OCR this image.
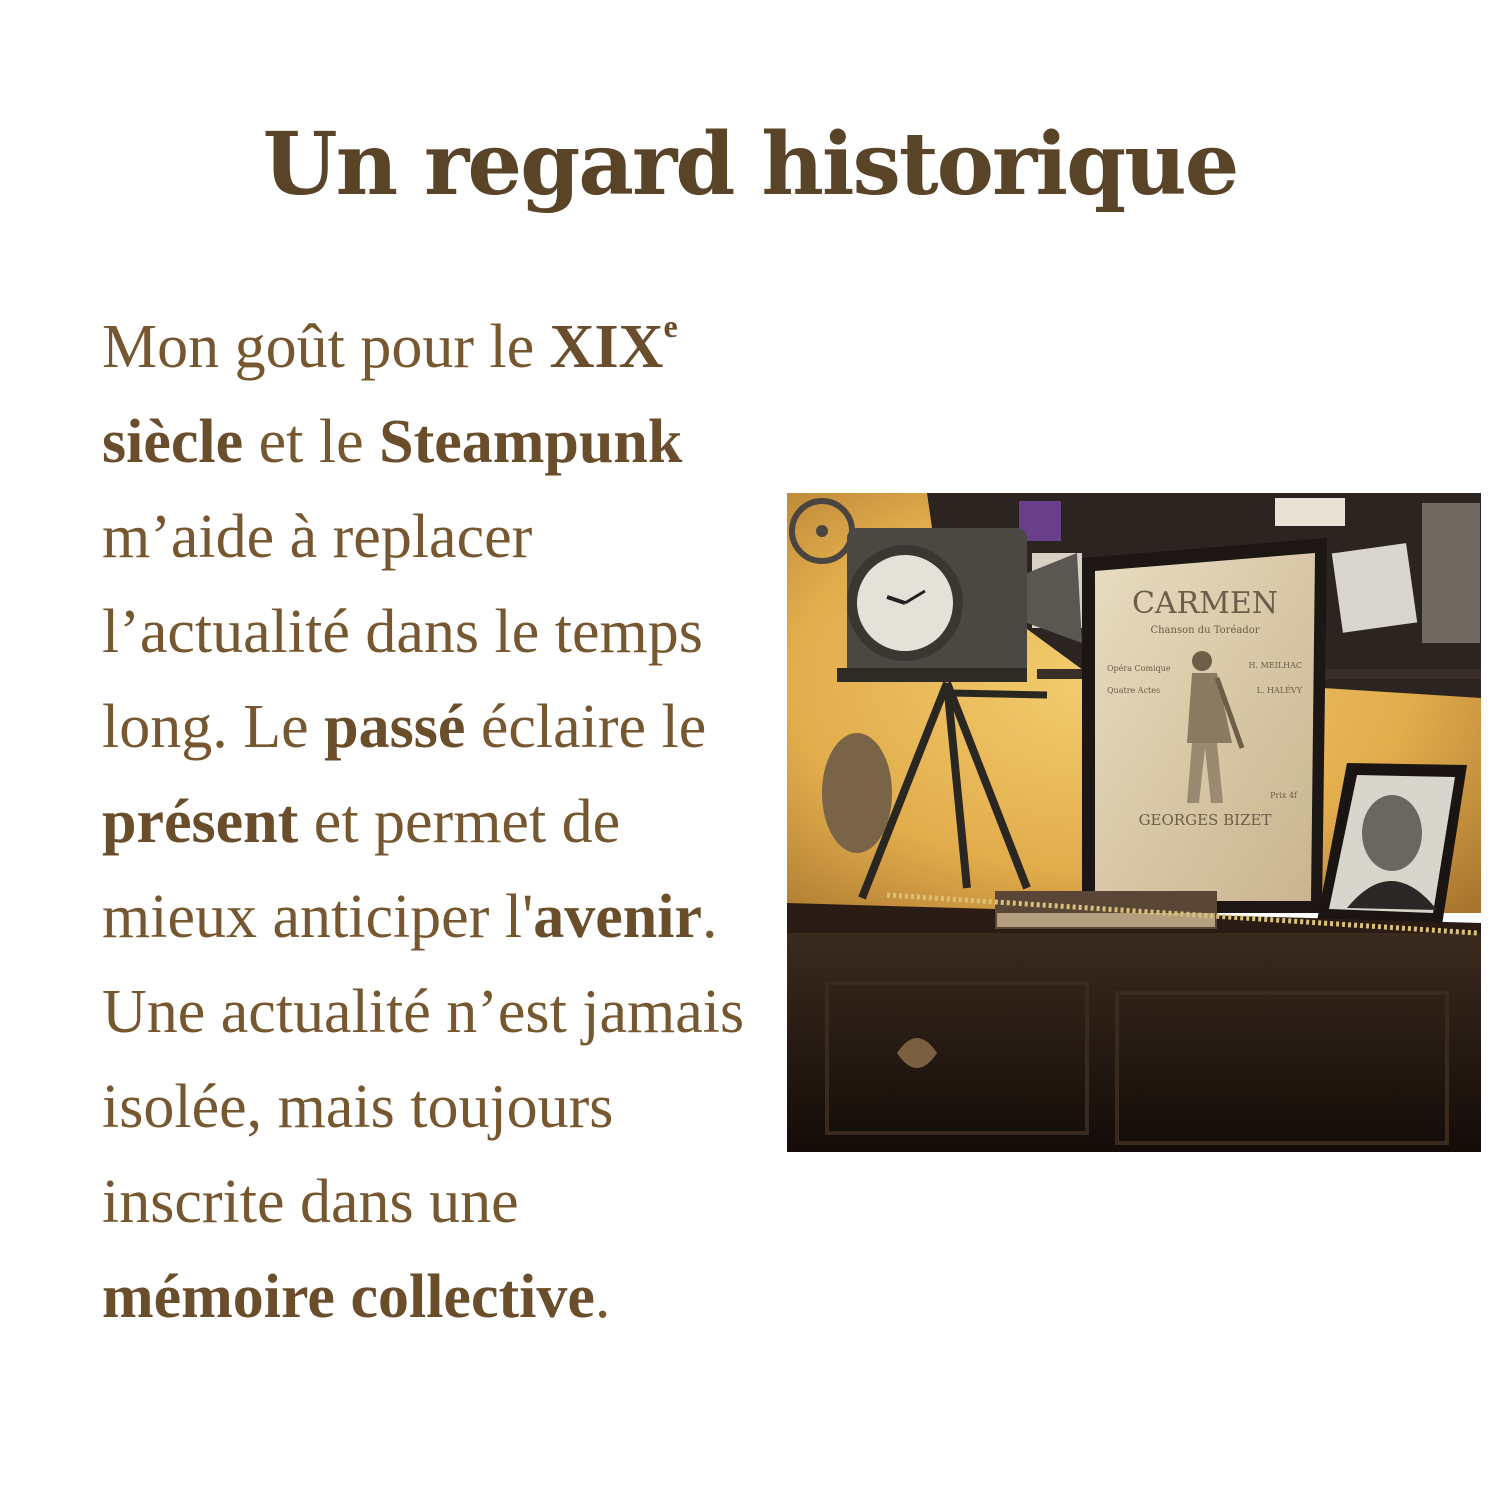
Un regard historique

Mon goût pour le XIXe siècle et le Steampunk m’aide à replacer l’actualité dans le temps long. Le passé éclaire le présent et permet de mieux anticiper l'avenir. Une actualité n’est jamais isolée, mais toujours inscrite dans une mémoire collective.

CARMEN
Chanson du Toréador
Opéra Comique
Quatre Actes
H. MEILHAC
L. HALÉVY
GEORGES BIZET
Prix 4f
